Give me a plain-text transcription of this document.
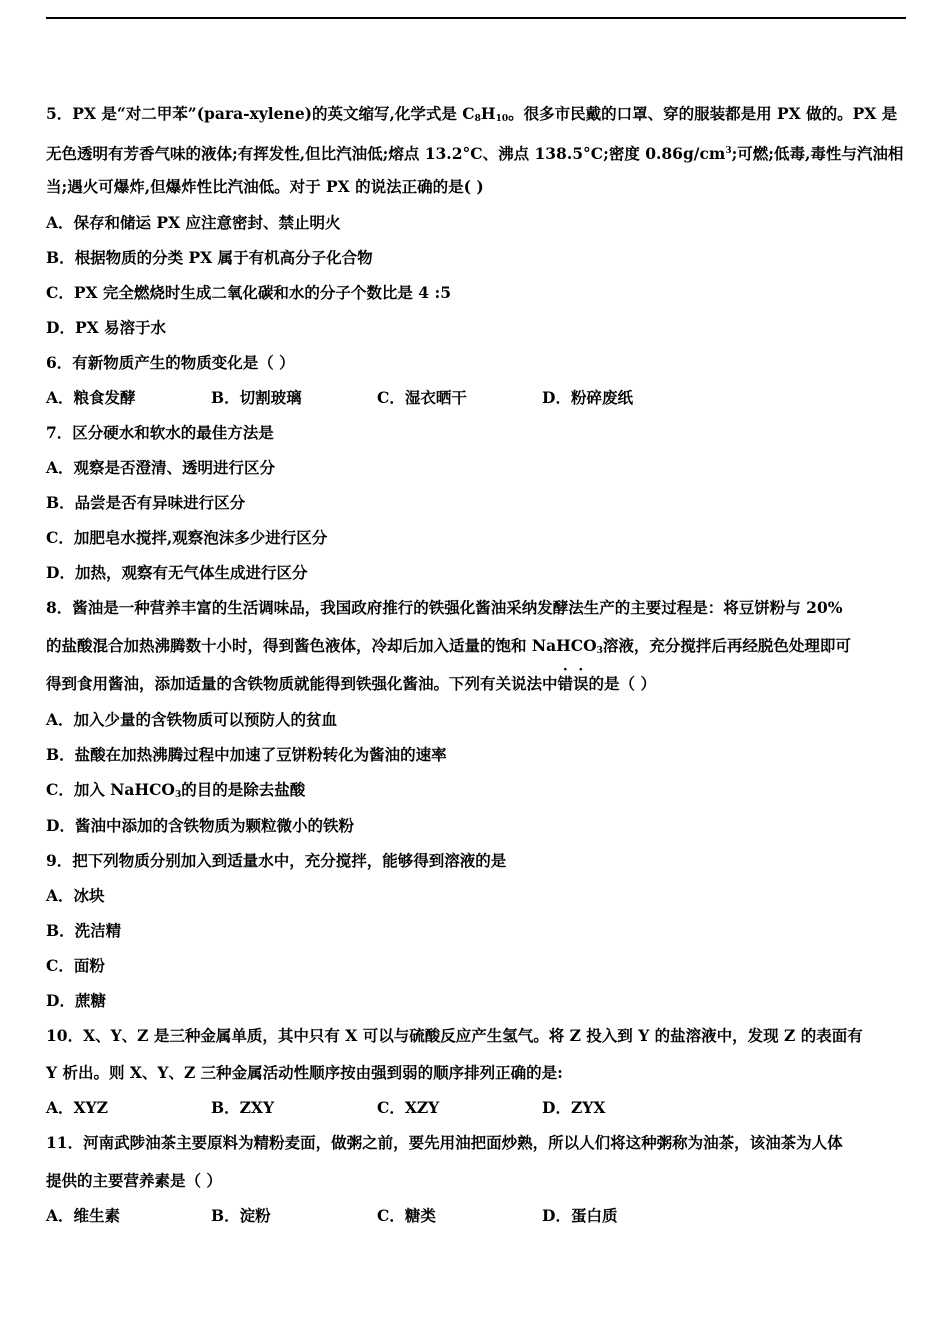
5．PX 是“对二甲苯”(para-xylene)的英文缩写,化学式是 $C_8H_{10}$。很多市民戴的口罩、穿的服装都是用 PX 做的。PX 是
无色透明有芳香气味的液体;有挥发性,但比汽油低;熔点 13.2°C、沸点 138.5°C;密度 $0.86g/cm^3$;可燃;低毒,毒性与汽油相
当;遇火可爆炸,但爆炸性比汽油低。对于 PX 的说法正确的是( )
A．保存和储运 PX 应注意密封、禁止明火
B．根据物质的分类 PX 属于有机高分子化合物
C．PX 完全燃烧时生成二氧化碳和水的分子个数比是 4 :5
D．PX 易溶于水
6．有新物质产生的物质变化是（ ）
A．粮食发酵	B．切割玻璃	C．湿衣晒干	D．粉碎废纸
7．区分硬水和软水的最佳方法是
A．观察是否澄清、透明进行区分
B．品尝是否有异味进行区分
C．加肥皂水搅拌,观察泡沫多少进行区分
D．加热，观察有无气体生成进行区分
8．酱油是一种营养丰富的生活调味品，我国政府推行的铁强化酱油采纳发酵法生产的主要过程是：将豆饼粉与 20%
的盐酸混合加热沸腾数十小时，得到酱色液体，冷却后加入适量的饱和 NaHCO$_3$溶液，充分搅拌后再经脱色处理即可
得到食用酱油，添加适量的含铁物质就能得到铁强化酱油。下列有关说法中错误的是（ ）
A．加入少量的含铁物质可以预防人的贫血
B．盐酸在加热沸腾过程中加速了豆饼粉转化为酱油的速率
C．加入 NaHCO$_3$的目的是除去盐酸
D．酱油中添加的含铁物质为颗粒微小的铁粉
9．把下列物质分别加入到适量水中，充分搅拌，能够得到溶液的是
A．冰块
B．洗洁精
C．面粉
D．蔗糖
10．X、Y、Z 是三种金属单质，其中只有 X 可以与硫酸反应产生氢气。将 Z 投入到 Y 的盐溶液中，发现 Z 的表面有
Y 析出。则 X、Y、Z 三种金属活动性顺序按由强到弱的顺序排列正确的是:
A．XYZ	B．ZXY	C．XZY	D．ZYX
11．河南武陟油茶主要原料为精粉麦面，做粥之前，要先用油把面炒熟，所以人们将这种粥称为油茶，该油茶为人体
提供的主要营养素是（ ）
A．维生素	B．淀粉	C．糖类	D．蛋白质
